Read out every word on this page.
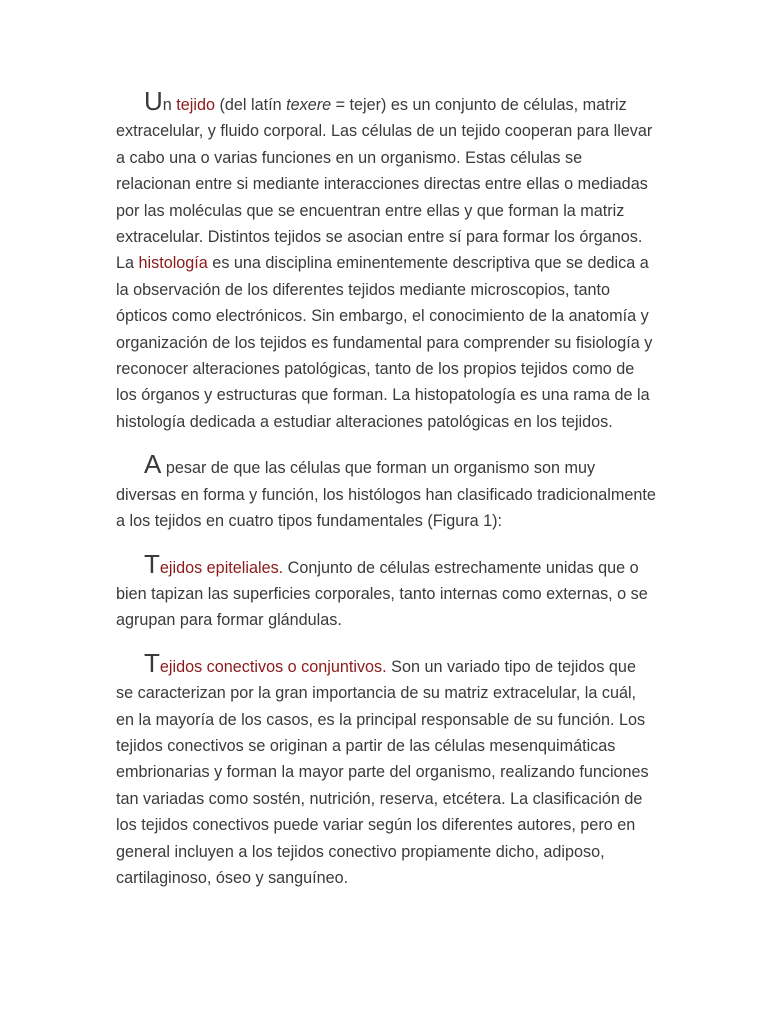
Un tejido (del latín texere = tejer) es un conjunto de células, matriz extracelular, y fluido corporal. Las células de un tejido cooperan para llevar a cabo una o varias funciones en un organismo. Estas células se relacionan entre si mediante interacciones directas entre ellas o mediadas por las moléculas que se encuentran entre ellas y que forman la matriz extracelular. Distintos tejidos se asocian entre sí para formar los órganos. La histología es una disciplina eminentemente descriptiva que se dedica a la observación de los diferentes tejidos mediante microscopios, tanto ópticos como electrónicos. Sin embargo, el conocimiento de la anatomía y organización de los tejidos es fundamental para comprender su fisiología y reconocer alteraciones patológicas, tanto de los propios tejidos como de los órganos y estructuras que forman. La histopatología es una rama de la histología dedicada a estudiar alteraciones patológicas en los tejidos.

A pesar de que las células que forman un organismo son muy diversas en forma y función, los histólogos han clasificado tradicionalmente a los tejidos en cuatro tipos fundamentales (Figura 1):

Tejidos epiteliales. Conjunto de células estrechamente unidas que o bien tapizan las superficies corporales, tanto internas como externas, o se agrupan para formar glándulas.

Tejidos conectivos o conjuntivos. Son un variado tipo de tejidos que se caracterizan por la gran importancia de su matriz extracelular, la cuál, en la mayoría de los casos, es la principal responsable de su función. Los tejidos conectivos se originan a partir de las células mesenquimáticas embrionarias y forman la mayor parte del organismo, realizando funciones tan variadas como sostén, nutrición, reserva, etcétera. La clasificación de los tejidos conectivos puede variar según los diferentes autores, pero en general incluyen a los tejidos conectivo propiamente dicho, adiposo, cartilaginoso, óseo y sanguíneo.
